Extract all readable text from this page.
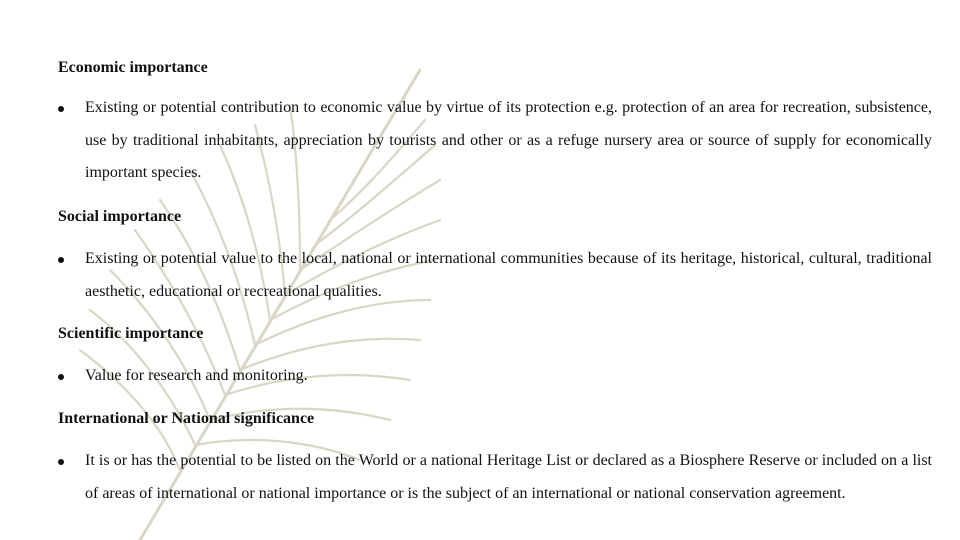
Economic importance
Existing or potential contribution to economic value by virtue of its protection e.g. protection of an area for recreation, subsistence, use by traditional inhabitants, appreciation by tourists and other or as a refuge nursery area or source of supply for economically important species.
Social importance
Existing or potential value to the local, national or international communities because of its heritage, historical, cultural, traditional aesthetic, educational or recreational qualities.
Scientific importance
Value for research and monitoring.
International or National significance
It is or has the potential to be listed on the World or a national Heritage List or declared as a Biosphere Reserve or included on a list of areas of international or national importance or is the subject of an international or national conservation agreement.
